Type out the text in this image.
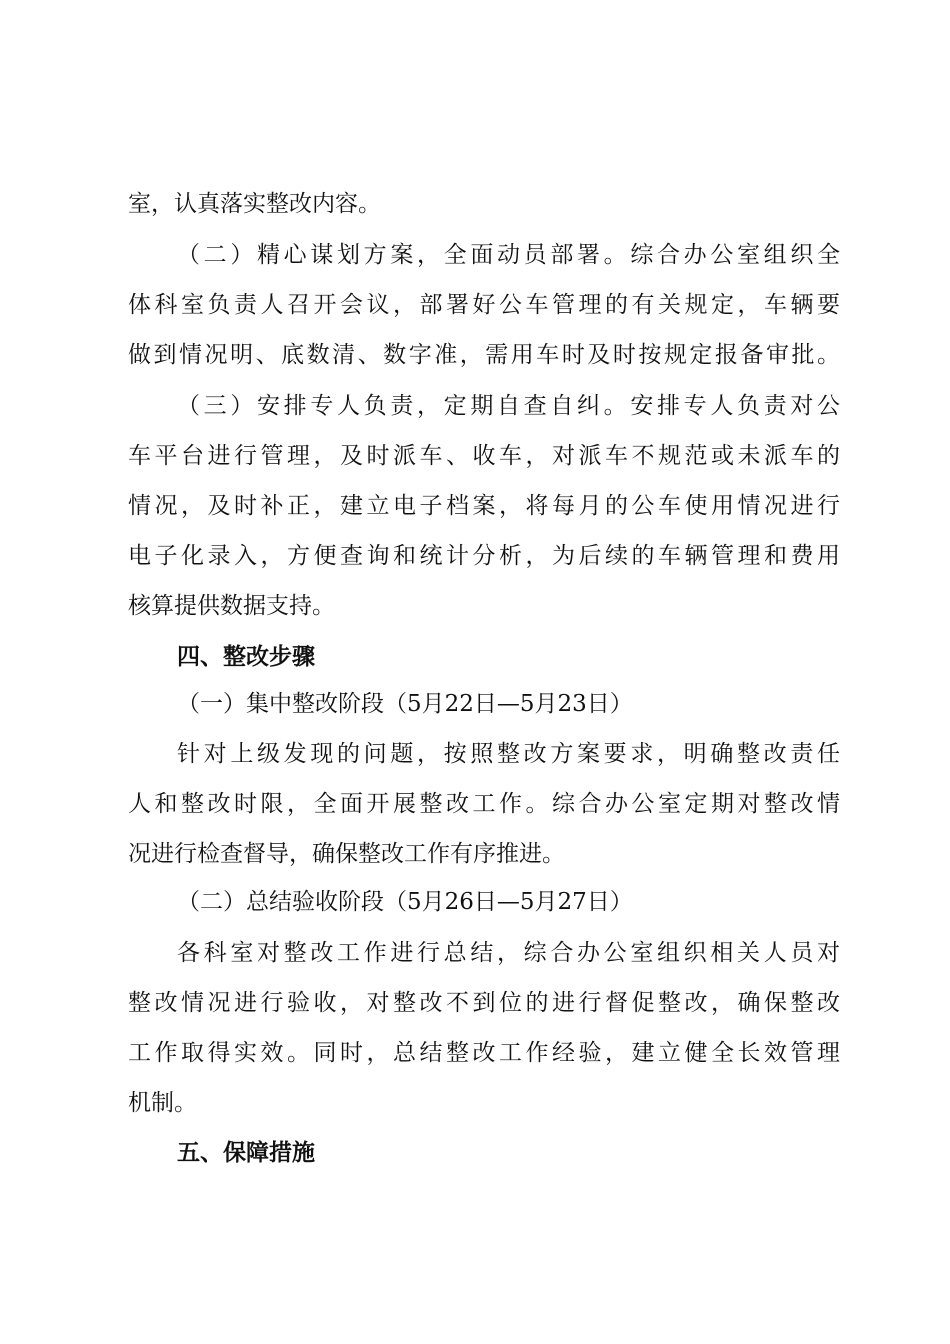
室，认真落实整改内容。
（二）精心谋划方案，全面动员部署。综合办公室组织全
体科室负责人召开会议，部署好公车管理的有关规定，车辆要
做到情况明、底数清、数字准，需用车时及时按规定报备审批。
（三）安排专人负责，定期自查自纠。安排专人负责对公
车平台进行管理，及时派车、收车，对派车不规范或未派车的
情况，及时补正，建立电子档案，将每月的公车使用情况进行
电子化录入，方便查询和统计分析，为后续的车辆管理和费用
核算提供数据支持。
四、整改步骤
（一）集中整改阶段（5月22日—5月23日）
针对上级发现的问题，按照整改方案要求，明确整改责任
人和整改时限，全面开展整改工作。综合办公室定期对整改情
况进行检查督导，确保整改工作有序推进。
（二）总结验收阶段（5月26日—5月27日）
各科室对整改工作进行总结，综合办公室组织相关人员对
整改情况进行验收，对整改不到位的进行督促整改，确保整改
工作取得实效。同时，总结整改工作经验，建立健全长效管理
机制。
五、保障措施
